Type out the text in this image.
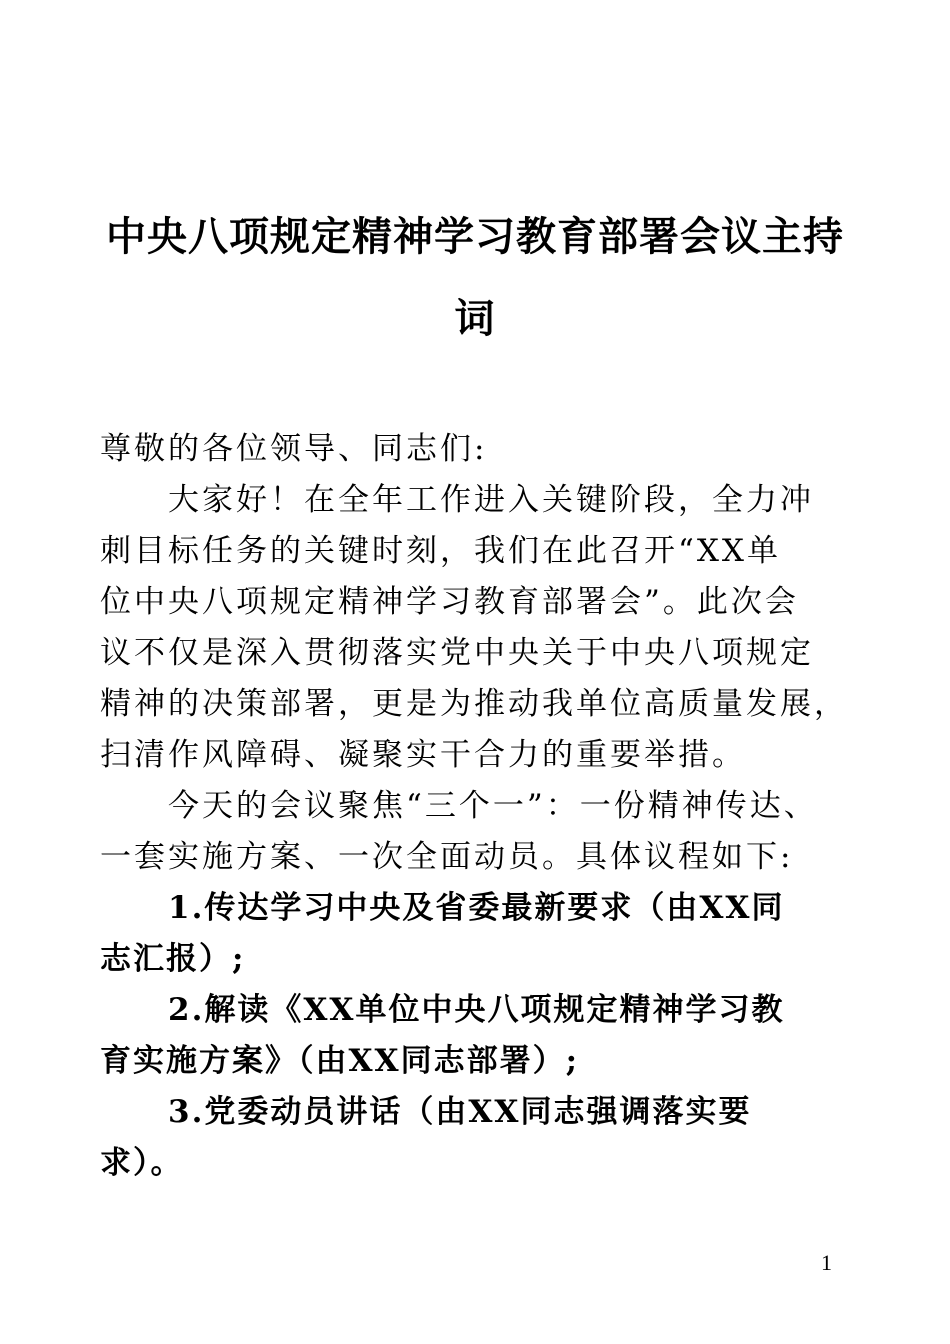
中央八项规定精神学习教育部署会议主持
词
尊敬的各位领导、同志们:
大家好！在全年工作进入关键阶段，全力冲
刺目标任务的关键时刻，我们在此召开“XX单
位中央八项规定精神学习教育部署会”。此次会
议不仅是深入贯彻落实党中央关于中央八项规定
精神的决策部署，更是为推动我单位高质量发展，
扫清作风障碍、凝聚实干合力的重要举措。
今天的会议聚焦“三个一”：一份精神传达、
一套实施方案、一次全面动员。具体议程如下:
1.传达学习中央及省委最新要求（由XX同
志汇报）;
2.解读《XX单位中央八项规定精神学习教
育实施方案》（由XX同志部署）;
3.党委动员讲话（由XX同志强调落实要
求）。
1
